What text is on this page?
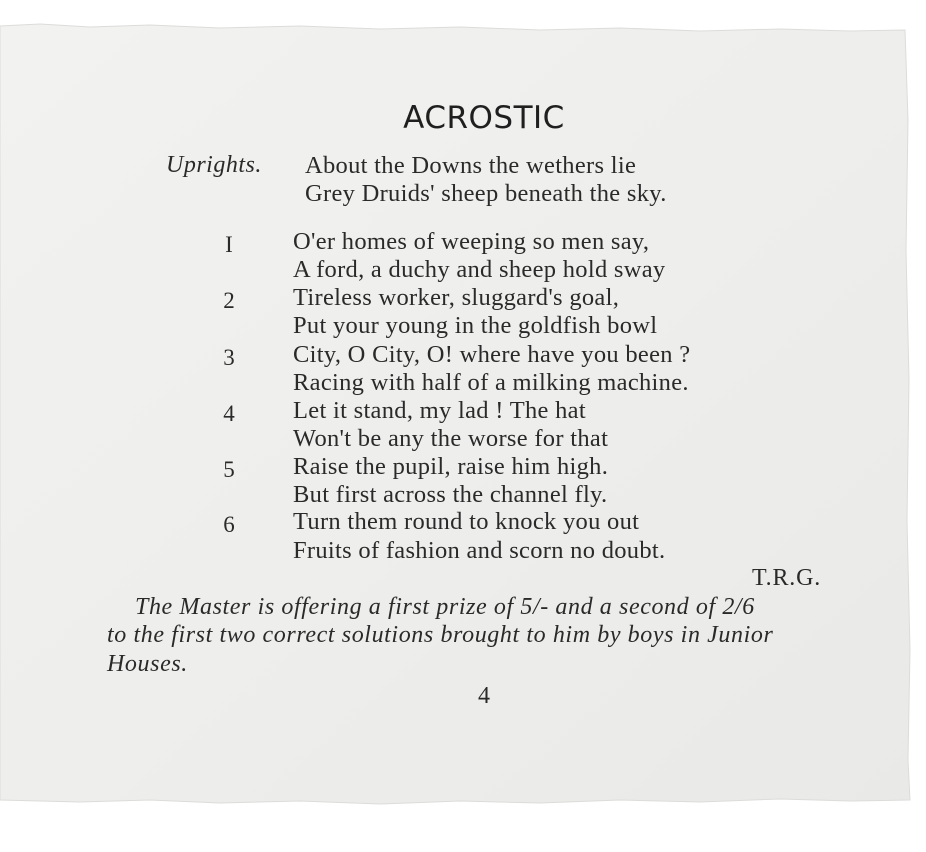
ACROSTIC
Uprights. About the Downs the wethers lie
Grey Druids' sheep beneath the sky.
I O'er homes of weeping so men say,
A ford, a duchy and sheep hold sway
2 Tireless worker, sluggard's goal,
Put your young in the goldfish bowl
3 City, O City, O! where have you been ?
Racing with half of a milking machine.
4 Let it stand, my lad ! The hat
Won't be any the worse for that
5 Raise the pupil, raise him high.
But first across the channel fly.
6 Turn them round to knock you out
Fruits of fashion and scorn no doubt.
T.R.G.
The Master is offering a first prize of 5/- and a second of 2/6
to the first two correct solutions brought to him by boys in Junior
Houses.
4
